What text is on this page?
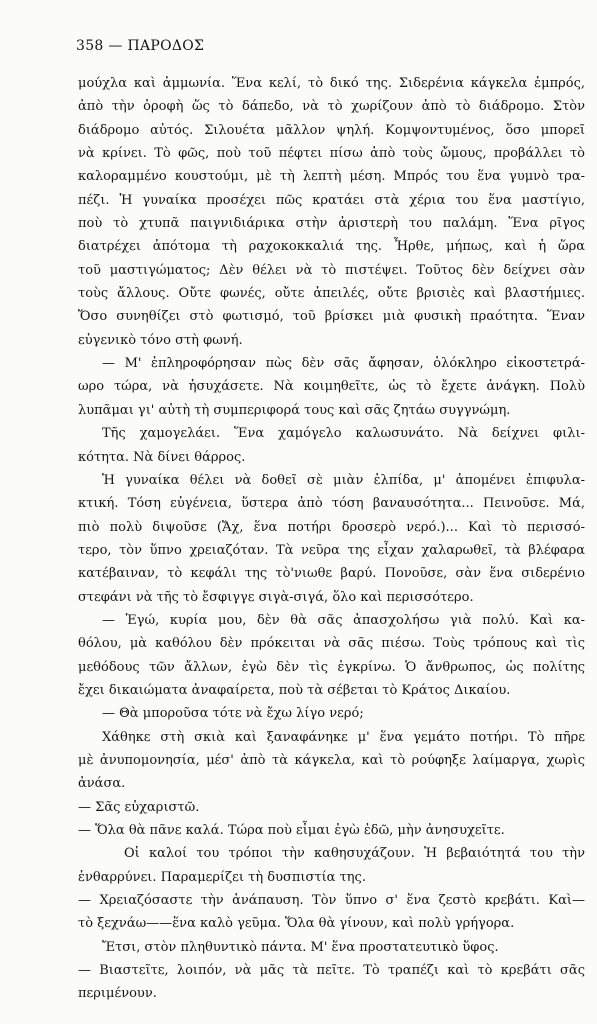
358 — ΠΑΡΟΔΟΣ

μούχλα καὶ ἀμμωνία. Ἕνα κελί, τὸ δικό της. Σιδερένια κάγκελα ἐμπρός,

ἀπὸ τὴν ὀροφὴ ὥς τὸ δάπεδο, νὰ τὸ χωρίζουν ἀπὸ τὸ διάδρομο. Στὸν

διάδρομο αὐτός. Σιλουέτα μᾶλλον ψηλή. Κομψοντυμένος, ὅσο μπορεῖ

νὰ κρίνει. Τὸ φῶς, ποὺ τοῦ πέφτει πίσω ἀπὸ τοὺς ὤμους, προβάλλει τὸ

καλοραμμένο κουστούμι, μὲ τὴ λεπτὴ μέση. Μπρός του ἕνα γυμνὸ τρα-

πέζι. Ἡ γυναίκα προσέχει πῶς κρατάει στὰ χέρια του ἕνα μαστίγιο,

ποὺ τὸ χτυπᾶ παιγνιδιάρικα στὴν ἀριστερὴ του παλάμη. Ἕνα ρῖγος

διατρέχει ἀπότομα τὴ ραχοκοκκαλιά της. Ἦρθε, μήπως, καὶ ἡ ὥρα

τοῦ μαστιγώματος; Δὲν θέλει νὰ τὸ πιστέψει. Τοῦτος δὲν δείχνει σὰν

τοὺς ἄλλους. Οὔτε φωνές, οὔτε ἀπειλές, οὔτε βρισιὲς καὶ βλαστήμιες.

Ὅσο συνηθίζει στὸ φωτισμό, τοῦ βρίσκει μιὰ φυσικὴ πραότητα. Ἕναν

εὐγενικὸ τόνο στὴ φωνή.

— Μ' ἐπληροφόρησαν πὼς δὲν σᾶς ἄφησαν, ὁλόκληρο εἰκοστετρά-

ωρο τώρα, νὰ ἡσυχάσετε. Νὰ κοιμηθεῖτε, ὡς τὸ ἔχετε ἀνάγκη. Πολὺ

λυπᾶμαι γι' αὐτὴ τὴ συμπεριφορά τους καὶ σᾶς ζητάω συγγνώμη.

Τῆς χαμογελάει. Ἕνα χαμόγελο καλωσυνάτο. Νὰ δείχνει φιλι-

κότητα. Νὰ δίνει θάρρος.

Ἡ γυναίκα θέλει νὰ δοθεῖ σὲ μιὰν ἐλπίδα, μ' ἀπομένει ἐπιφυλα-

κτική. Τόση εὐγένεια, ὕστερα ἀπὸ τόση βαναυσότητα... Πεινοῦσε. Μά,

πιὸ πολὺ διψοῦσε (Ἄχ, ἕνα ποτήρι δροσερὸ νερό.)... Καὶ τὸ περισσό-

τερο, τὸν ὕπνο χρειαζόταν. Τὰ νεῦρα της εἶχαν χαλαρωθεῖ, τὰ βλέφαρα

κατέβαιναν, τὸ κεφάλι της τὸ'νιωθε βαρύ. Πονοῦσε, σὰν ἕνα σιδερένιο

στεφάνι νὰ τῆς τὸ ἔσφιγγε σιγὰ-σιγά, ὅλο καὶ περισσότερο.

— Ἐγώ, κυρία μου, δὲν θὰ σᾶς ἀπασχολήσω γιὰ πολύ. Καὶ κα-

θόλου, μὰ καθόλου δὲν πρόκειται νὰ σᾶς πιέσω. Τοὺς τρόπους καὶ τὶς

μεθόδους τῶν ἄλλων, ἐγὼ δὲν τὶς ἐγκρίνω. Ὁ ἄνθρωπος, ὡς πολίτης

ἔχει δικαιώματα ἀναφαίρετα, ποὺ τὰ σέβεται τὸ Κράτος Δικαίου.

— Θὰ μποροῦσα τότε νὰ ἔχω λίγο νερό;

Χάθηκε στὴ σκιὰ καὶ ξαναφάνηκε μ' ἕνα γεμάτο ποτήρι. Τὸ πῆρε

μὲ ἀνυπομονησία, μέσ' ἀπὸ τὰ κάγκελα, καὶ τὸ ρούφηξε λαίμαργα, χωρὶς

ἀνάσα.

— Σᾶς εὐχαριστῶ.

— Ὅλα θὰ πᾶνε καλά. Τώρα ποὺ εἶμαι ἐγὼ ἐδῶ, μὴν ἀνησυχεῖτε.

Οἱ καλοί του τρόποι τὴν καθησυχάζουν. Ἡ βεβαιότητά του τὴν

ἐνθαρρύνει. Παραμερίζει τὴ δυσπιστία της.

— Χρειαζόσαστε τὴν ἀνάπαυση. Τὸν ὕπνο σ' ἕνα ζεστὸ κρεβάτι. Καὶ—

τὸ ξεχνάω——ἕνα καλὸ γεῦμα. Ὅλα θὰ γίνουν, καὶ πολὺ γρήγορα.

Ἔτσι, στὸν πληθυντικὸ πάντα. Μ' ἕνα προστατευτικὸ ὕφος.

— Βιαστεῖτε, λοιπόν, νὰ μᾶς τὰ πεῖτε. Τὸ τραπέζι καὶ τὸ κρεβάτι σᾶς

περιμένουν.
